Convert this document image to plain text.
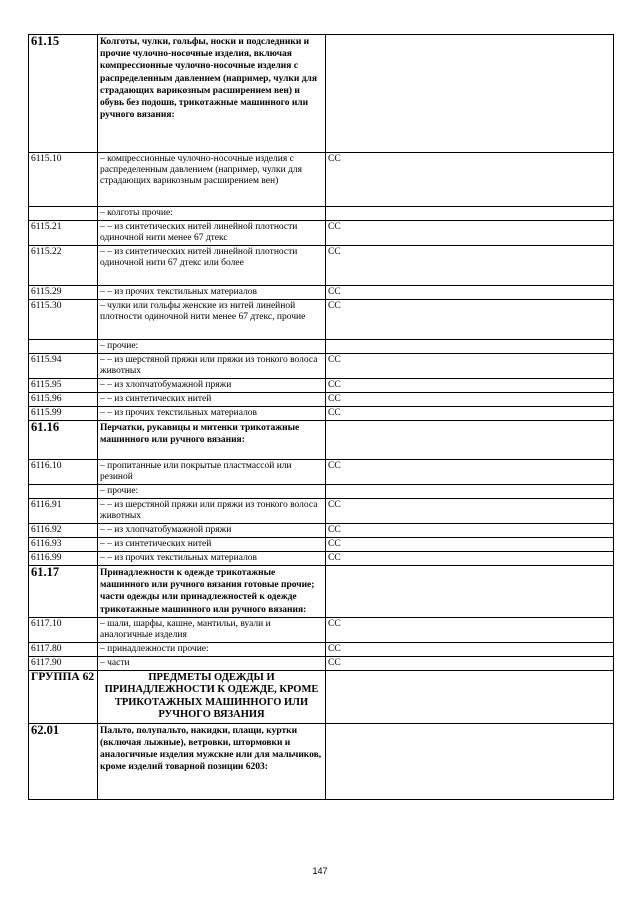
61.15	Колготы, чулки, гольфы, носки и подследники и прочие чулочно-носочные изделия, включая компрессионные чулочно-носочные изделия с распределенным давлением (например, чулки для страдающих варикозным расширением вен) и обувь без подошв, трикотажные машинного или ручного вязания:	
6115.10	– компрессионные чулочно-носочные изделия с распределенным давлением (например, чулки для страдающих варикозным расширением вен)	СС
	– колготы прочие:	
6115.21	– – из синтетических нитей линейной плотности одиночной нити менее 67 дтекс	СС
6115.22	– – из синтетических нитей линейной плотности одиночной нити 67 дтекс или более	СС
6115.29	– – из прочих текстильных материалов	СС
6115.30	– чулки или гольфы женские из нитей линейной плотности одиночной нити менее 67 дтекс, прочие	СС
	– прочие:	
6115.94	– – из шерстяной пряжи или пряжи из тонкого волоса животных	СС
6115.95	– – из хлопчатобумажной пряжи	СС
6115.96	– – из синтетических нитей	СС
6115.99	– – из прочих текстильных материалов	СС
61.16	Перчатки, рукавицы и митенки трикотажные машинного или ручного вязания:	
6116.10	– пропитанные или покрытые пластмассой или резиной	СС
	– прочие:	
6116.91	– – из шерстяной пряжи или пряжи из тонкого волоса животных	СС
6116.92	– – из хлопчатобумажной пряжи	СС
6116.93	– – из синтетических нитей	СС
6116.99	– – из прочих текстильных материалов	СС
61.17	Принадлежности к одежде трикотажные машинного или ручного вязания готовые прочие; части одежды или принадлежностей к одежде трикотажные машинного или ручного вязания:	
6117.10	– шали, шарфы, кашне, мантильи, вуали и аналогичные изделия	СС
6117.80	– принадлежности прочие:	СС
6117.90	– части	СС
ГРУППА 62	ПРЕДМЕТЫ ОДЕЖДЫ И ПРИНАДЛЕЖНОСТИ К ОДЕЖДЕ, КРОМЕ ТРИКОТАЖНЫХ МАШИННОГО ИЛИ РУЧНОГО ВЯЗАНИЯ	
62.01	Пальто, полупальто, накидки, плащи, куртки (включая лыжные), ветровки, штормовки и аналогичные изделия мужские или для мальчиков, кроме изделий товарной позиции 6203:	
147
